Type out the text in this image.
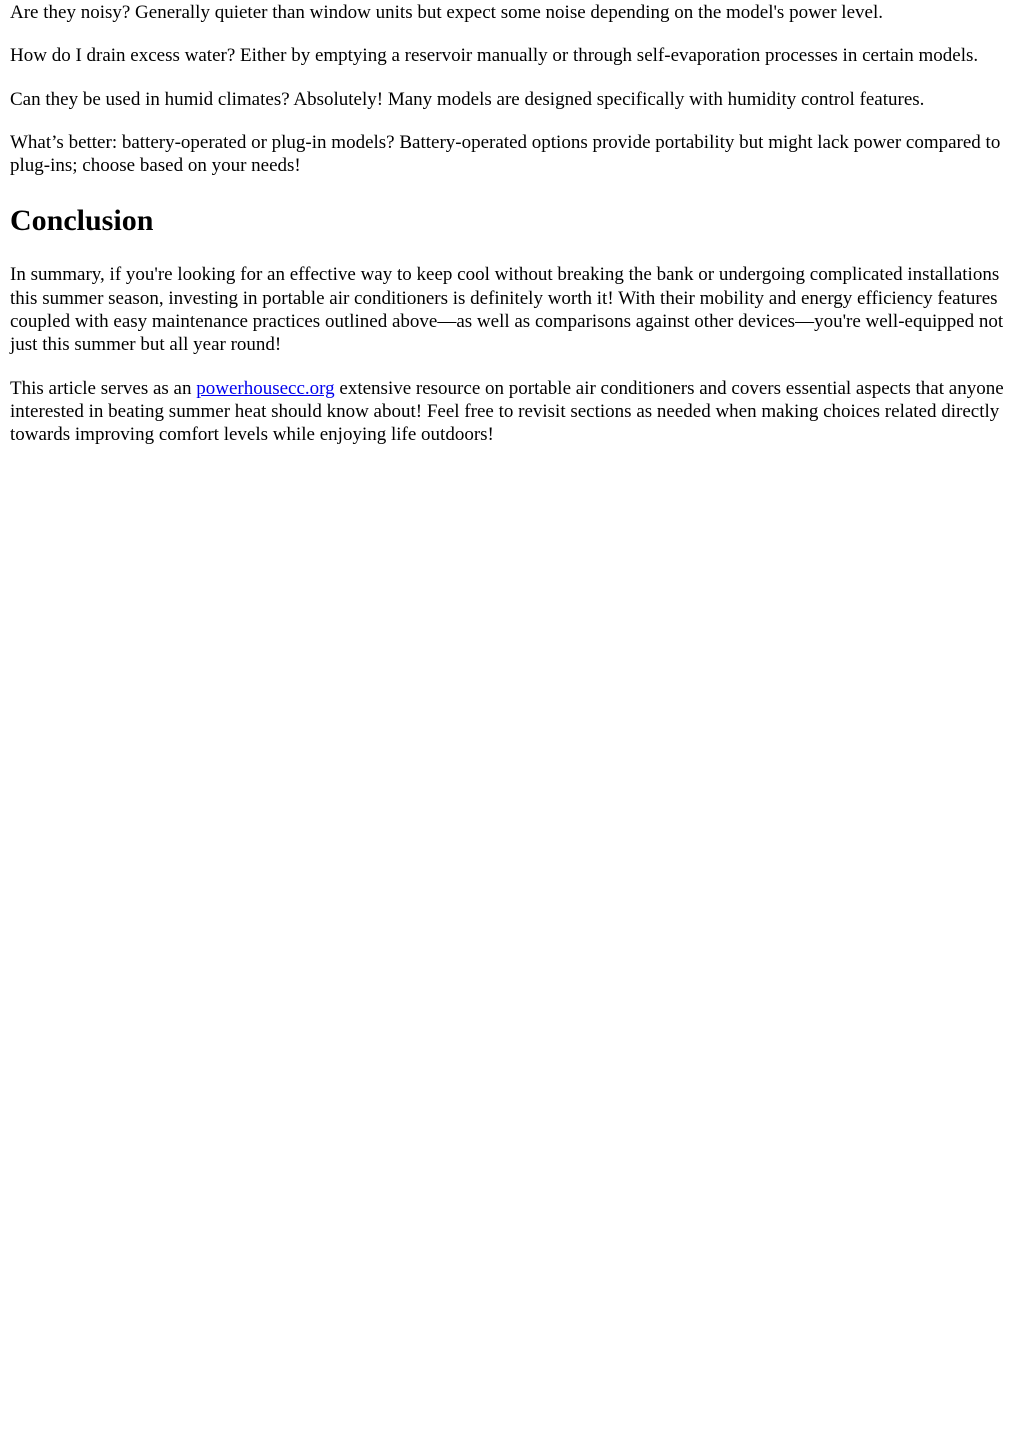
Are they noisy? Generally quieter than window units but expect some noise depending on the model's power level.

How do I drain excess water? Either by emptying a reservoir manually or through self-evaporation processes in certain models.

Can they be used in humid climates? Absolutely! Many models are designed specifically with humidity control features.

What’s better: battery-operated or plug-in models? Battery-operated options provide portability but might lack power compared to plug-ins; choose based on your needs!

Conclusion

In summary, if you're looking for an effective way to keep cool without breaking the bank or undergoing complicated installations this summer season, investing in portable air conditioners is definitely worth it! With their mobility and energy efficiency features coupled with easy maintenance practices outlined above—as well as comparisons against other devices—you're well-equipped not just this summer but all year round!

This article serves as an powerhousecc.org extensive resource on portable air conditioners and covers essential aspects that anyone interested in beating summer heat should know about! Feel free to revisit sections as needed when making choices related directly towards improving comfort levels while enjoying life outdoors!
